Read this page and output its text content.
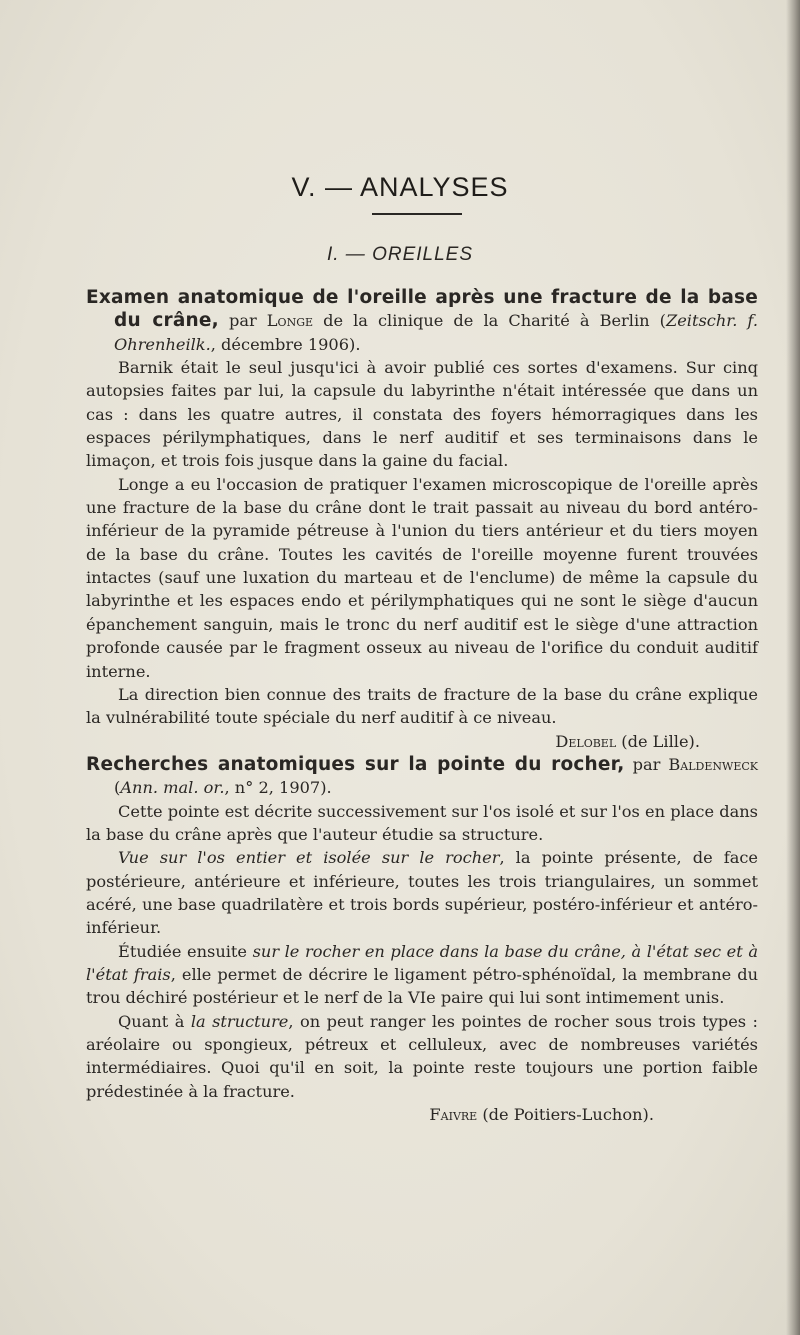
V. — ANALYSES
I. — OREILLES

Examen anatomique de l'oreille après une fracture de la base du crâne, par Longe de la clinique de la Charité à Berlin (Zeitschr. f. Ohrenheilk., décembre 1906).

Barnik était le seul jusqu'ici à avoir publié ces sortes d'examens. Sur cinq autopsies faites par lui, la capsule du labyrinthe n'était intéressée que dans un cas : dans les quatre autres, il constata des foyers hémorragiques dans les espaces périlymphatiques, dans le nerf auditif et ses terminaisons dans le limaçon, et trois fois jusque dans la gaine du facial.

Longe a eu l'occasion de pratiquer l'examen microscopique de l'oreille après une fracture de la base du crâne dont le trait passait au niveau du bord antéro-inférieur de la pyramide pétreuse à l'union du tiers antérieur et du tiers moyen de la base du crâne. Toutes les cavités de l'oreille moyenne furent trouvées intactes (sauf une luxation du marteau et de l'enclume) de même la capsule du labyrinthe et les espaces endo et périlymphatiques qui ne sont le siège d'aucun épanchement sanguin, mais le tronc du nerf auditif est le siège d'une attraction profonde causée par le fragment osseux au niveau de l'orifice du conduit auditif interne.

La direction bien connue des traits de fracture de la base du crâne explique la vulnérabilité toute spéciale du nerf auditif à ce niveau.

Delobel (de Lille).

Recherches anatomiques sur la pointe du rocher, par Baldenweck (Ann. mal. or., n° 2, 1907).

Cette pointe est décrite successivement sur l'os isolé et sur l'os en place dans la base du crâne après que l'auteur étudie sa structure.

Vue sur l'os entier et isolée sur le rocher, la pointe présente, de face postérieure, antérieure et inférieure, toutes les trois triangulaires, un sommet acéré, une base quadrilatère et trois bords supérieur, postéro-inférieur et antéro-inférieur.

Étudiée ensuite sur le rocher en place dans la base du crâne, à l'état sec et à l'état frais, elle permet de décrire le ligament pétro-sphénoïdal, la membrane du trou déchiré postérieur et le nerf de la VIe paire qui lui sont intimement unis.

Quant à la structure, on peut ranger les pointes de rocher sous trois types : aréolaire ou spongieux, pétreux et celluleux, avec de nombreuses variétés intermédiaires. Quoi qu'il en soit, la pointe reste toujours une portion faible prédestinée à la fracture.

Faivre (de Poitiers-Luchon).
